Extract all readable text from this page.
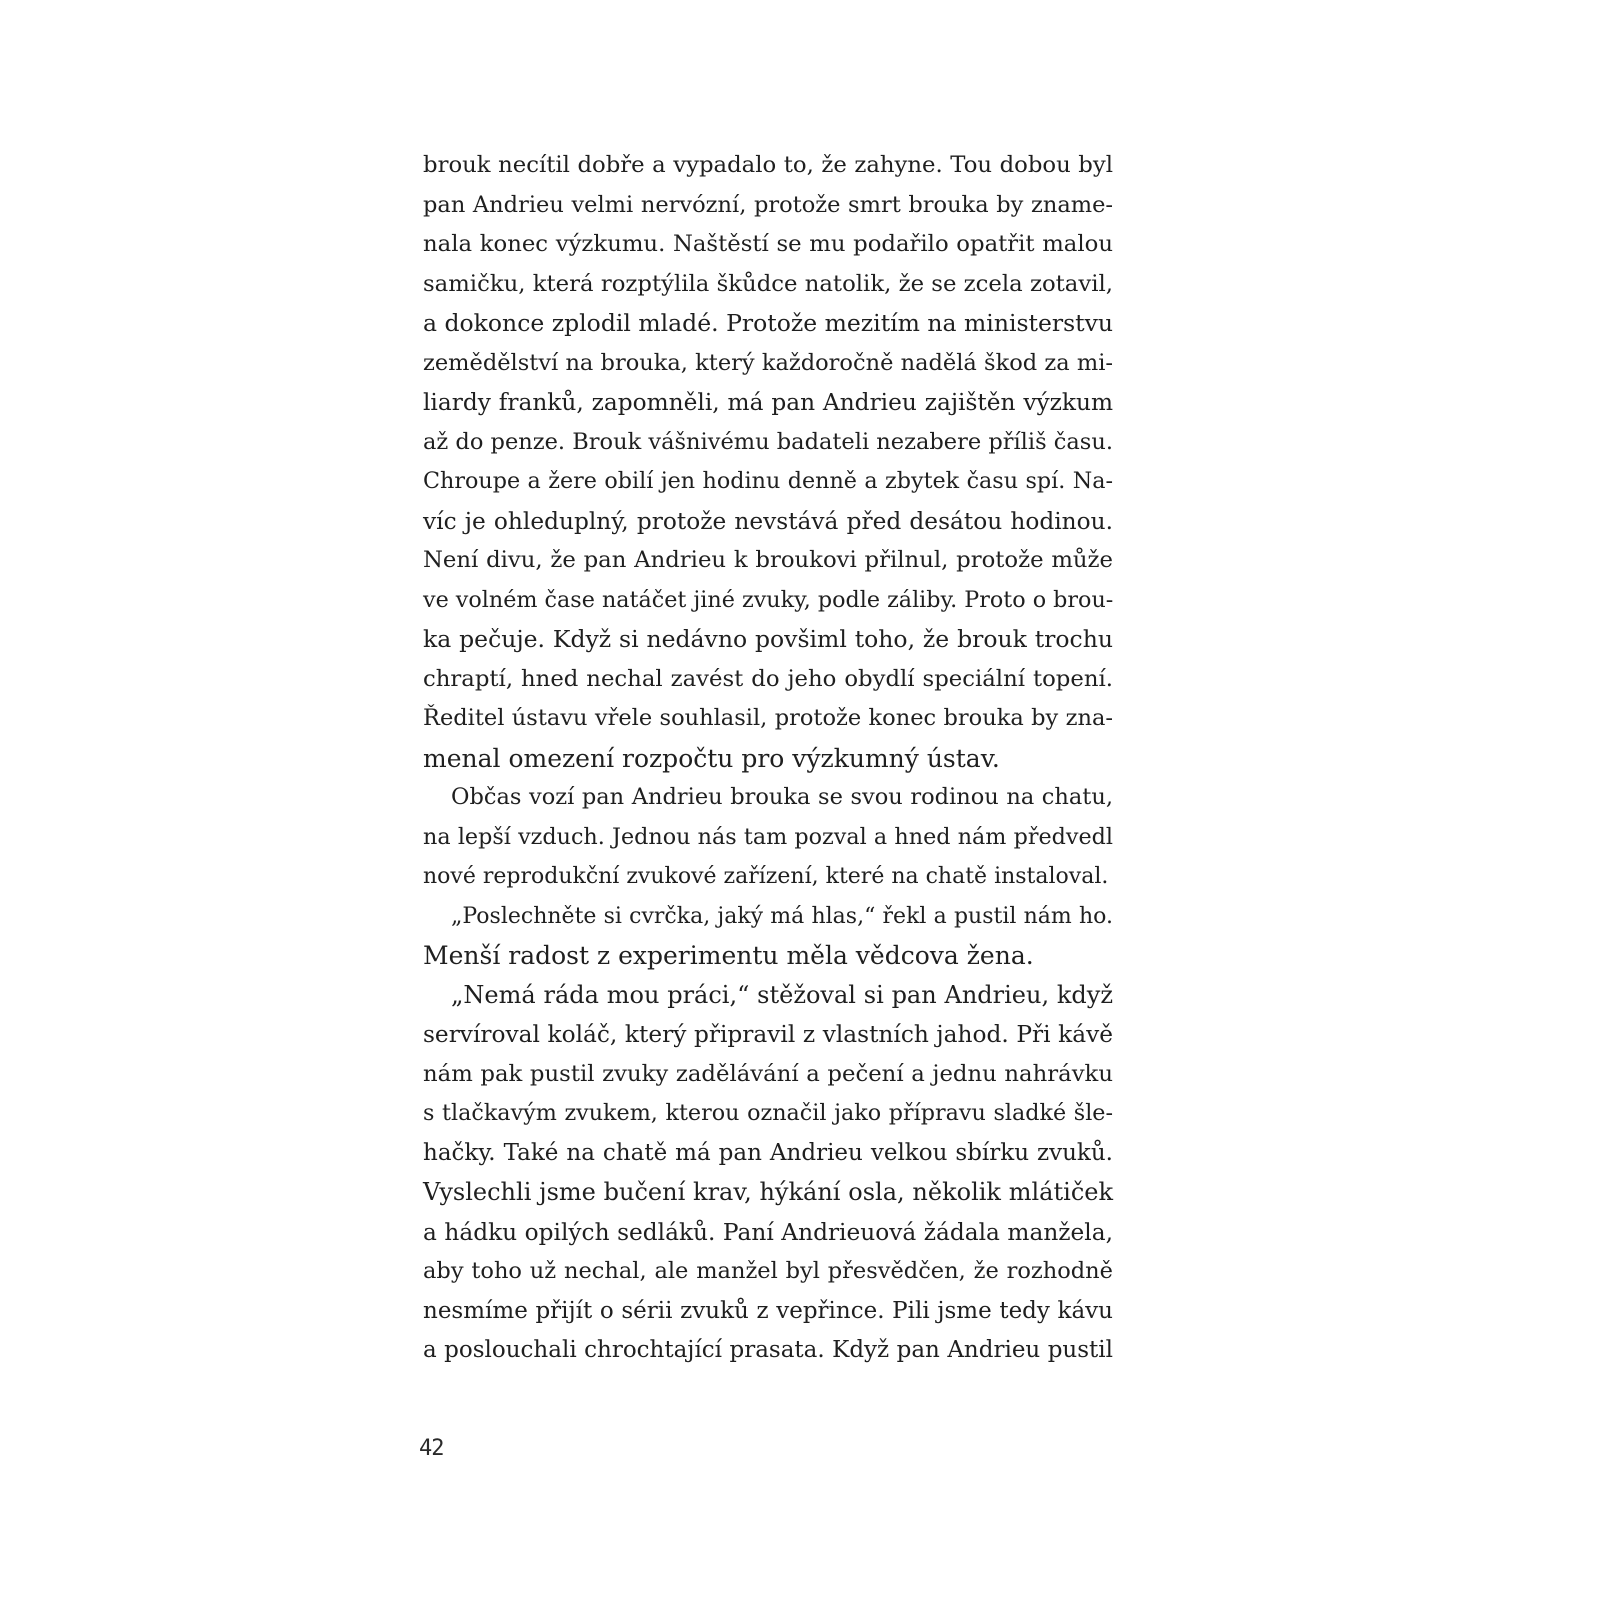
brouk necítil dobře a vypadalo to, že zahyne. Tou dobou byl
pan Andrieu velmi nervózní, protože smrt brouka by zname-
nala konec výzkumu. Naštěstí se mu podařilo opatřit malou
samičku, která rozptýlila škůdce natolik, že se zcela zotavil,
a dokonce zplodil mladé. Protože mezitím na ministerstvu
zemědělství na brouka, který každoročně nadělá škod za mi-
liardy franků, zapomněli, má pan Andrieu zajištěn výzkum
až do penze. Brouk vášnivému badateli nezabere příliš času.
Chroupe a žere obilí jen hodinu denně a zbytek času spí. Na-
víc je ohleduplný, protože nevstává před desátou hodinou.
Není divu, že pan Andrieu k broukovi přilnul, protože může
ve volném čase natáčet jiné zvuky, podle záliby. Proto o brou-
ka pečuje. Když si nedávno povšiml toho, že brouk trochu
chraptí, hned nechal zavést do jeho obydlí speciální topení.
Ředitel ústavu vřele souhlasil, protože konec brouka by zna-
menal omezení rozpočtu pro výzkumný ústav.
Občas vozí pan Andrieu brouka se svou rodinou na chatu,
na lepší vzduch. Jednou nás tam pozval a hned nám předvedl
nové reprodukční zvukové zařízení, které na chatě instaloval.
„Poslechněte si cvrčka, jaký má hlas,“ řekl a pustil nám ho.
Menší radost z experimentu měla vědcova žena.
„Nemá ráda mou práci,“ stěžoval si pan Andrieu, když
servíroval koláč, který připravil z vlastních jahod. Při kávě
nám pak pustil zvuky zadělávání a pečení a jednu nahrávku
s tlačkavým zvukem, kterou označil jako přípravu sladké šle-
hačky. Také na chatě má pan Andrieu velkou sbírku zvuků.
Vyslechli jsme bučení krav, hýkání osla, několik mlátiček
a hádku opilých sedláků. Paní Andrieuová žádala manžela,
aby toho už nechal, ale manžel byl přesvědčen, že rozhodně
nesmíme přijít o sérii zvuků z vepřince. Pili jsme tedy kávu
a poslouchali chrochtající prasata. Když pan Andrieu pustil
42
